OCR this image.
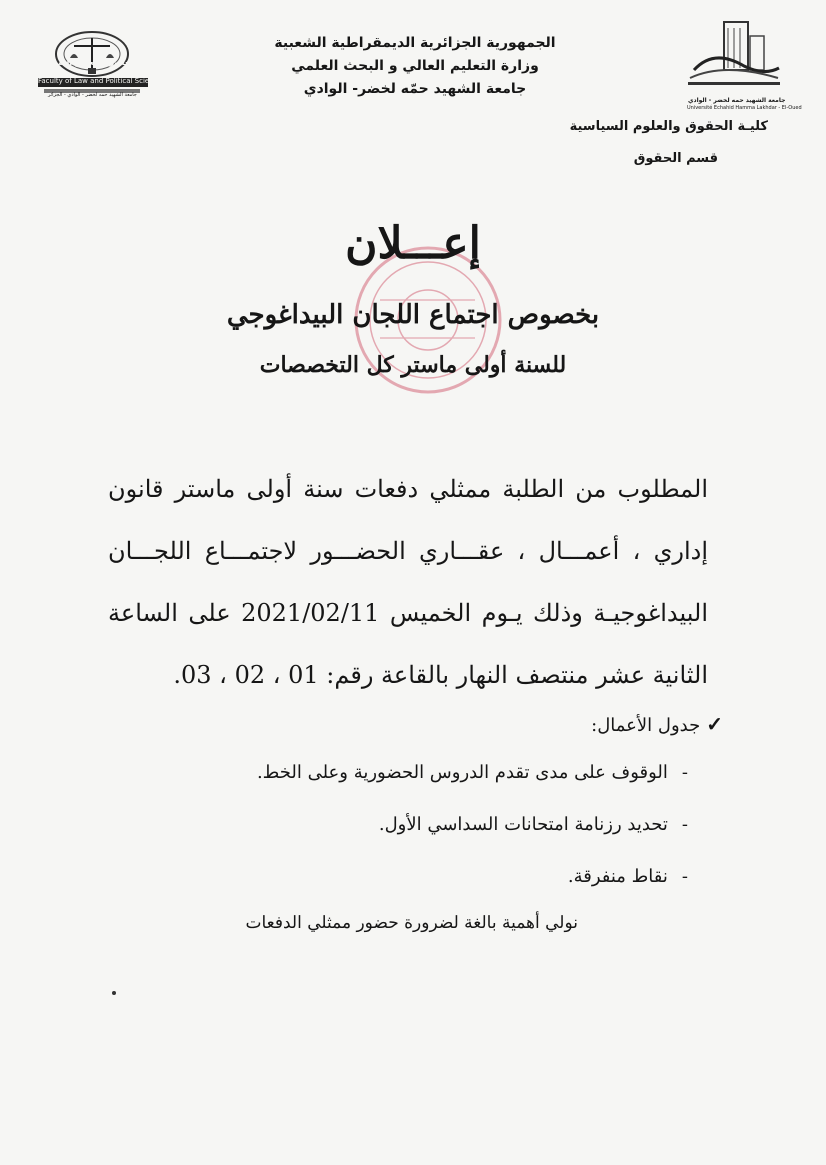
Faculty of Law and Political Science
كلية الحقوق والعلوم السياسية
جامعة الشهيد حمه لخضر - الوادي - الجزائر
الجمهورية الجزائرية الديمقراطية الشعبية
وزارة التعليم العالي و البحث العلمي
جامعة الشهيد حمّه لخضر- الوادي
جامعة الشهيد حمه لخضر - الوادي
Université Echahid Hamma Lakhdar - El-Oued
كليـة الحقوق والعلوم السياسية
قسم الحقوق
إعـــلان
بخصوص اجتماع اللجان البيداغوجي
للسنة أولى ماستر كل التخصصات
المطلوب من الطلبة ممثلي دفعات سنة أولى ماستر قانون
إداري ، أعمـــال ، عقـــاري الحضـــور لاجتمـــاع اللجـــان
البيداغوجيـة وذلك يـوم الخميس 2021/02/11 على الساعة
الثانية عشر منتصف النهار بالقاعة رقم: 01 ، 02 ، 03.
✓جدول الأعمال:
-الوقوف على مدى تقدم الدروس الحضورية وعلى الخط.
-تحديد رزنامة امتحانات السداسي الأول.
-نقاط منفرقة.
نولي أهمية بالغة لضرورة حضور ممثلي الدفعات
